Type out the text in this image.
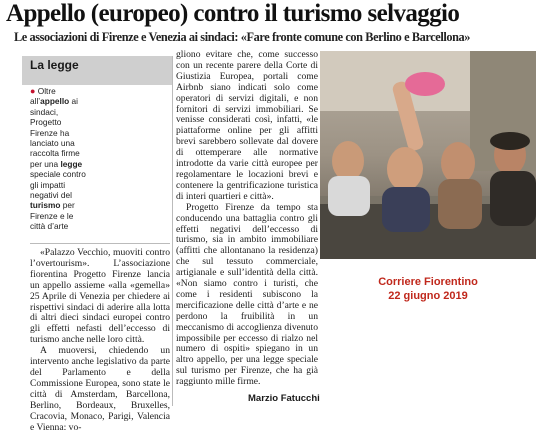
Appello (europeo) contro il turismo selvaggio
Le associazioni di Firenze e Venezia ai sindaci: «Fare fronte comune con Berlino e Barcellona»
La legge
● Oltre all’appello ai sindaci, Progetto Firenze ha lanciato una raccolta firme per una legge speciale contro gli impatti negativi del turismo per Firenze e le città d’arte

«Palazzo Vecchio, muoviti contro l’overtourism». L’associazione fiorentina Progetto Firenze lancia un appello assieme «alla «gemella» 25 Aprile di Venezia per chiedere ai rispettivi sindaci di aderire alla lotta di altri dieci sindaci europei contro gli effetti nefasti dell’eccesso di turismo anche nelle loro città.

A muoversi, chiedendo un intervento anche legislativo da parte del Parlamento e della Commissione Europea, sono state le città di Amsterdam, Barcellona, Berlino, Bordeaux, Bruxelles, Cracovia, Monaco, Parigi, Valencia e Vienna: vo-

gliono evitare che, come successo con un recente parere della Corte di Giustizia Europea, portali come Airbnb siano indicati solo come operatori di servizi digitali, e non fornitori di servizi immobiliari. Se venisse considerati così, infatti, «le piattaforme online per gli affitti brevi sarebbero sollevate dal dovere di ottemperare alle normative introdotte da varie città europee per regolamentare le locazioni brevi e contenere la gentrificazione turistica di interi quartieri e città».

Progetto Firenze da tempo sta conducendo una battaglia contro gli effetti negativi dell’eccesso di turismo, sia in ambito immobiliare (affitti che allontanano la residenza) che sul tessuto commerciale, artigianale e sull’identità della città. «Non siamo contro i turisti, che come i residenti subiscono la mercificazione delle città d’arte e ne perdono la fruibilità in un meccanismo di accoglienza divenuto impossibile per eccesso di rialzo nel numero di ospiti» spiegano in un altro appello, per una legge speciale sul turismo per Firenze, che ha già raggiunto mille firme.

Marzio Fatucchi
Corriere Fiorentino
22 giugno 2019
